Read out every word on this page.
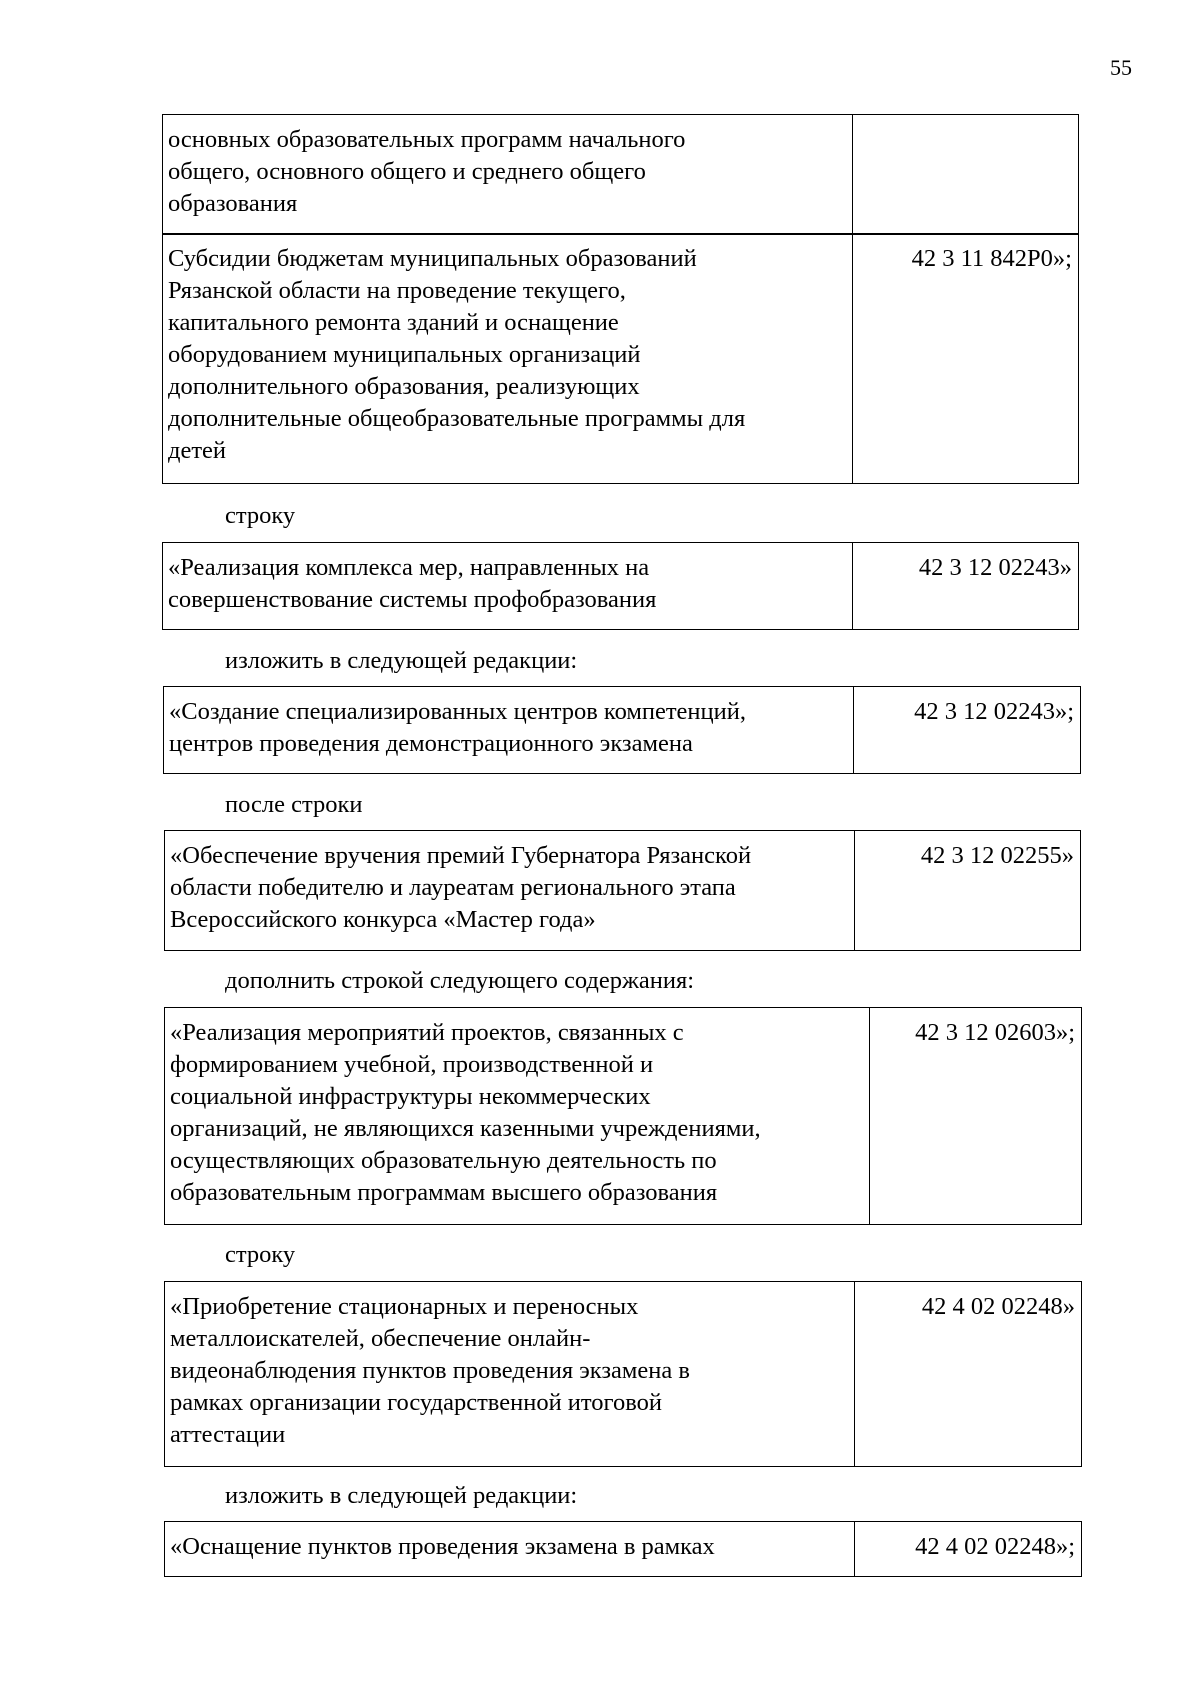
55
основных образовательных программ начального
общего, основного общего и среднего общего
образования
Субсидии бюджетам муниципальных образований
Рязанской области на проведение текущего,
капитального ремонта зданий и оснащение
оборудованием муниципальных организаций
дополнительного образования, реализующих
дополнительные общеобразовательные программы для
детей
42 3 11 842P0»;
строку
«Реализация комплекса мер, направленных на
совершенствование системы профобразования
42 3 12 02243»
изложить в следующей редакции:
«Создание специализированных центров компетенций,
центров проведения демонстрационного экзамена
42 3 12 02243»;
после строки
«Обеспечение вручения премий Губернатора Рязанской
области победителю и лауреатам регионального этапа
Всероссийского конкурса «Мастер года»
42 3 12 02255»
дополнить строкой следующего содержания:
«Реализация мероприятий проектов, связанных с
формированием учебной, производственной и
социальной инфраструктуры некоммерческих
организаций, не являющихся казенными учреждениями,
осуществляющих образовательную деятельность по
образовательным программам высшего образования
42 3 12 02603»;
строку
«Приобретение стационарных и переносных
металлоискателей, обеспечение онлайн-
видеонаблюдения пунктов проведения экзамена в
рамках организации государственной итоговой
аттестации
42 4 02 02248»
изложить в следующей редакции:
«Оснащение пунктов проведения экзамена в рамках	42 4 02 02248»;
